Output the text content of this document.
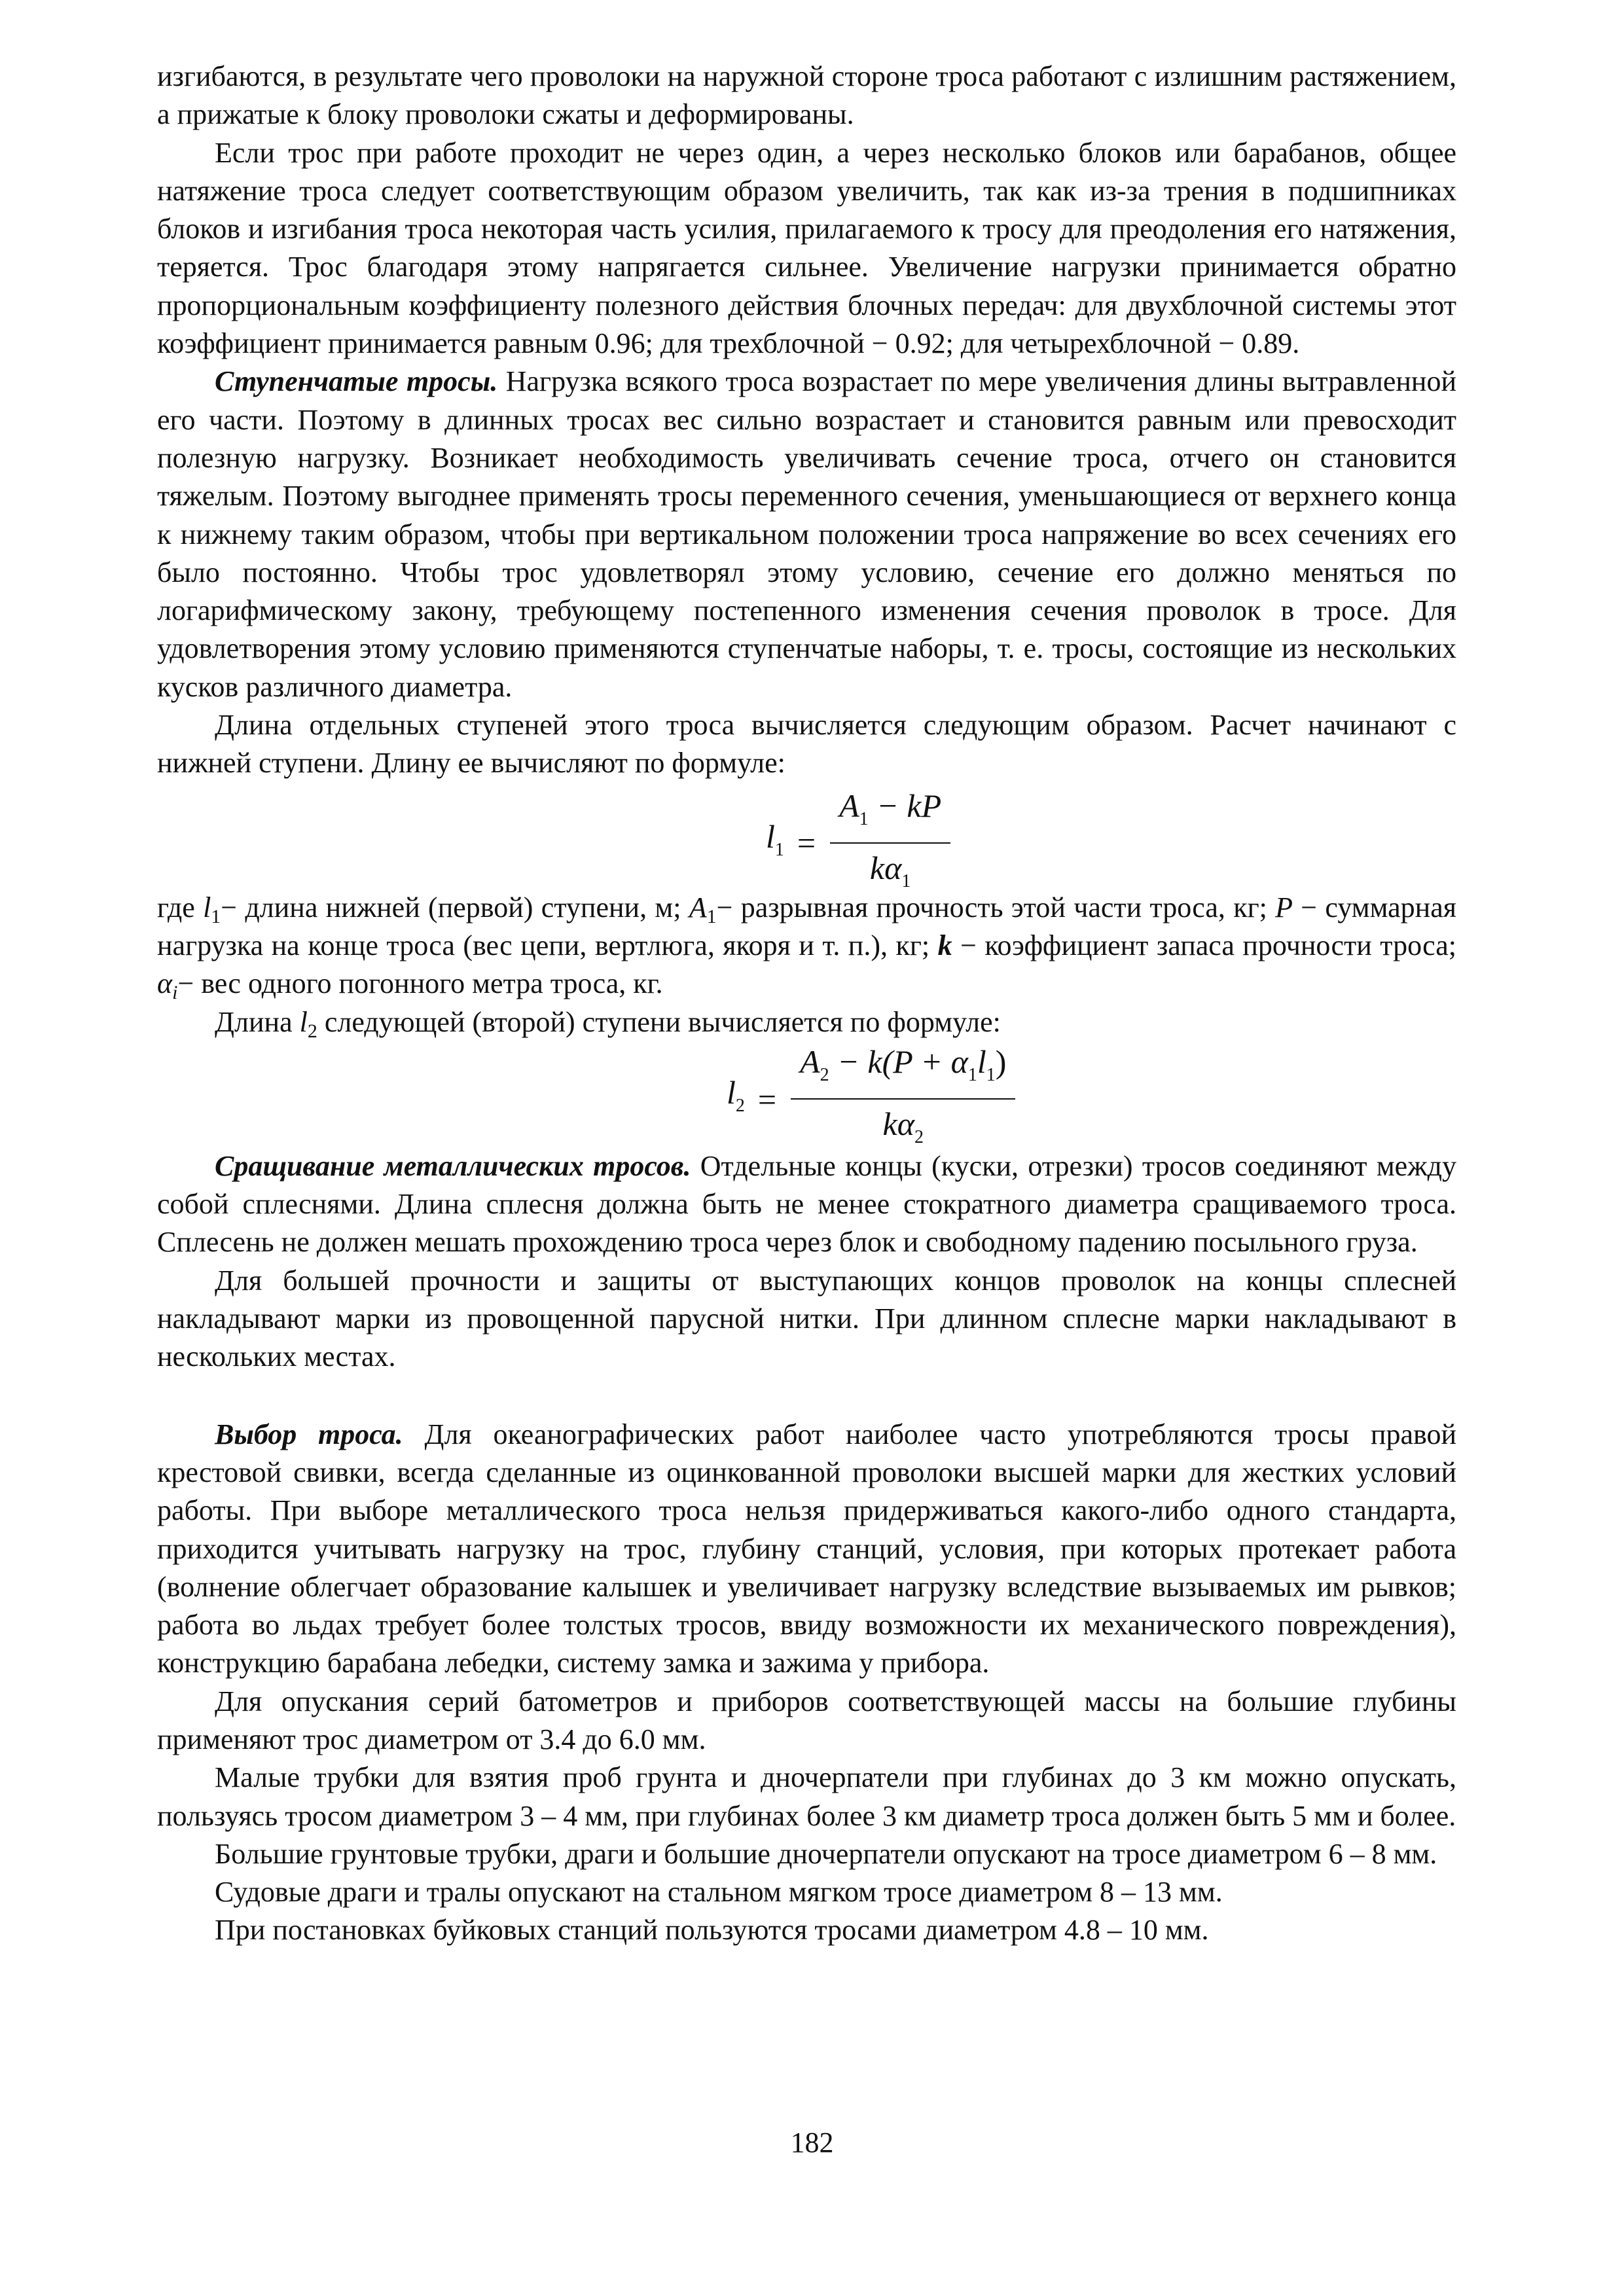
изгибаются, в результате чего проволоки на наружной стороне троса работают с излишним растяжением, а прижатые к блоку проволоки сжаты и деформированы.

Если трос при работе проходит не через один, а через несколько блоков или барабанов, общее натяжение троса следует соответствующим образом увеличить, так как из-за трения в подшипниках блоков и изгибания троса некоторая часть усилия, прилагаемого к тросу для преодоления его натяжения, теряется. Трос благодаря этому напрягается сильнее. Увеличение нагрузки принимается обратно пропорциональным коэффициенту полезного действия блочных передач: для двухблочной системы этот коэффициент принимается равным 0.96; для трехблочной − 0.92; для четырехблочной − 0.89.

Ступенчатые тросы. Нагрузка всякого троса возрастает по мере увеличения длины вытравленной его части. Поэтому в длинных тросах вес сильно возрастает и становится равным или превосходит полезную нагрузку. Возникает необходимость увеличивать сечение троса, отчего он становится тяжелым. Поэтому выгоднее применять тросы переменного сечения, уменьшающиеся от верхнего конца к нижнему таким образом, чтобы при вертикальном положении троса напряжение во всех сечениях его было постоянно. Чтобы трос удовлетворял этому условию, сечение его должно меняться по логарифмическому закону, требующему постепенного изменения сечения проволок в тросе. Для удовлетворения этому условию применяются ступенчатые наборы, т. е. тросы, состоящие из нескольких кусков различного диаметра.

Длина отдельных ступеней этого троса вычисляется следующим образом. Расчет начинают с нижней ступени. Длину ее вычисляют по формуле:

$l_1 = \frac{A_1 - kP}{k\alpha_1}$

где $l_1-$ длина нижней (первой) ступени, м; $A_1-$ разрывная прочность этой части троса, кг; P − суммарная нагрузка на конце троса (вес цепи, вертлюга, якоря и т. п.), кг; k − коэффициент запаса прочности троса; $\alpha_i-$ вес одного погонного метра троса, кг.

Длина $l_2$ следующей (второй) ступени вычисляется по формуле:

$l_2 = \frac{A_2 - k(P + \alpha_1l_1)}{k\alpha_2}$

Сращивание металлических тросов. Отдельные концы (куски, отрезки) тросов соединяют между собой сплеснями. Длина сплесня должна быть не менее стократного диаметра сращиваемого троса. Сплесень не должен мешать прохождению троса через блок и свободному падению посыльного груза.

Для большей прочности и защиты от выступающих концов проволок на концы сплесней накладывают марки из провощенной парусной нитки. При длинном сплесне марки накладывают в нескольких местах.

Выбор троса. Для океанографических работ наиболее часто употребляются тросы правой крестовой свивки, всегда сделанные из оцинкованной проволоки высшей марки для жестких условий работы. При выборе металлического троса нельзя придерживаться какого-либо одного стандарта, приходится учитывать нагрузку на трос, глубину станций, условия, при которых протекает работа (волнение облегчает образование калышек и увеличивает нагрузку вследствие вызываемых им рывков; работа во льдах требует более толстых тросов, ввиду возможности их механического повреждения), конструкцию барабана лебедки, систему замка и зажима у прибора.

Для опускания серий батометров и приборов соответствующей массы на большие глубины применяют трос диаметром от 3.4 до 6.0 мм.

Малые трубки для взятия проб грунта и дночерпатели при глубинах до 3 км можно опускать, пользуясь тросом диаметром 3 – 4 мм, при глубинах более 3 км диаметр троса должен быть 5 мм и более.

Большие грунтовые трубки, драги и большие дночерпатели опускают на тросе диаметром 6 – 8 мм.

Судовые драги и тралы опускают на стальном мягком тросе диаметром 8 – 13 мм.

При постановках буйковых станций пользуются тросами диаметром 4.8 – 10 мм.

182
